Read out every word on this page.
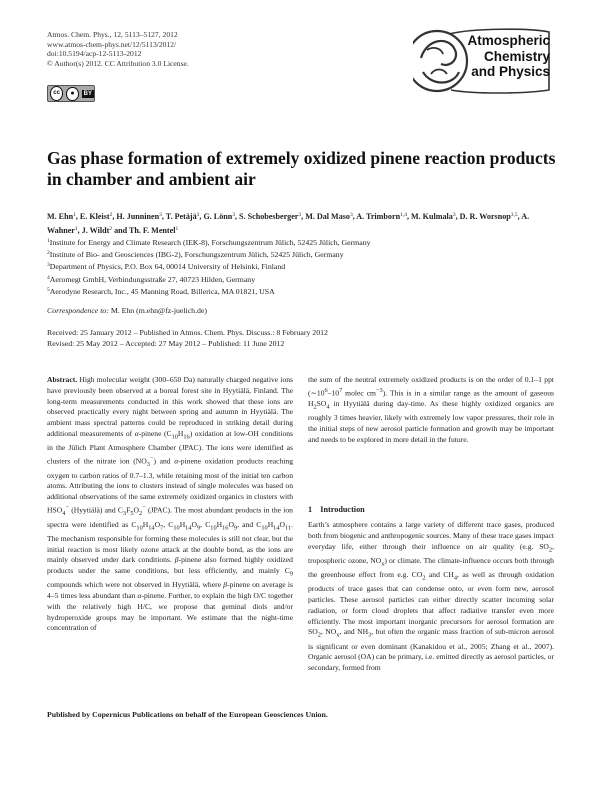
Atmos. Chem. Phys., 12, 5113–5127, 2012
www.atmos-chem-phys.net/12/5113/2012/
doi:10.5194/acp-12-5113-2012
© Author(s) 2012. CC Attribution 3.0 License.
cc	●	BY
Atmospheric
Chemistry
and Physics
Gas phase formation of extremely oxidized pinene reaction products in chamber and ambient air
M. Ehn$^1$, E. Kleist$^2$, H. Junninen$^3$, T. Petäjä$^3$, G. Lönn$^3$, S. Schobesberger$^3$, M. Dal Maso$^3$, A. Trimborn$^{1,4}$, M. Kulmala$^3$, D. R. Worsnop$^{3,5}$, A. Wahner$^1$, J. Wildt$^2$ and Th. F. Mentel$^1$
$^1$Institute for Energy and Climate Research (IEK-8), Forschungszentrum Jülich, 52425 Jülich, Germany
$^2$Institute of Bio- and Geosciences (IBG-2), Forschungszentrum Jülich, 52425 Jülich, Germany
$^3$Department of Physics, P.O. Box 64, 00014 University of Helsinki, Finland
$^4$Aeromegt GmbH, Verbindungsstraße 27, 40723 Hilden, Germany
$^5$Aerodyne Research, Inc., 45 Manning Road, Billerica, MA 01821, USA
Correspondence to: M. Ehn (m.ehn@fz-juelich.de)
Received: 25 January 2012 – Published in Atmos. Chem. Phys. Discuss.: 8 February 2012
Revised: 25 May 2012 – Accepted: 27 May 2012 – Published: 11 June 2012

Abstract. High molecular weight (300–650 Da) naturally charged negative ions have previously been observed at a boreal forest site in Hyytiälä, Finland. The long-term measurements conducted in this work showed that these ions are observed practically every night between spring and autumn in Hyytiälä. The ambient mass spectral patterns could be reproduced in striking detail during additional measurements of α-pinene $(C_{10}H_{16})$ oxidation at low-OH conditions in the Jülich Plant Atmosphere Chamber (JPAC). The ions were identified as clusters of the nitrate ion $(NO_3^-)$ and α-pinene oxidation products reaching oxygen to carbon ratios of 0.7–1.3, while retaining most of the initial ten carbon atoms. Attributing the ions to clusters instead of single molecules was based on additional observations of the same extremely oxidized organics in clusters with $HSO_4^-$ (Hyytiälä) and $C_3F_5O_2^-$ (JPAC). The most abundant products in the ion spectra were identified as $C_{10}H_{14}O_7$, $C_{10}H_{14}O_9$, $C_{10}H_{16}O_9$, and $C_{10}H_{14}O_{11}$. The mechanism responsible for forming these molecules is still not clear, but the initial reaction is most likely ozone attack at the double bond, as the ions are mainly observed under dark conditions. β-pinene also formed highly oxidized products under the same conditions, but less efficiently, and mainly $C_9$ compounds which were not observed in Hyytiälä, where β-pinene on average is 4–5 times less abundant than α-pinene. Further, to explain the high O/C together with the relatively high H/C, we propose that geminal diols and/or hydroperoxide groups may be important. We estimate that the night-time concentration of

the sum of the neutral extremely oxidized products is on the order of 0.1–1 ppt ($\sim 10^6-10^7$ molec $cm^{-3}$). This is in a similar range as the amount of gaseous $H_2SO_4$ in Hyytiälä during day-time. As these highly oxidized organics are roughly 3 times heavier, likely with extremely low vapor pressures, their role in the initial steps of new aerosol particle formation and growth may be important and needs to be explored in more detail in the future.

1    Introduction

Earth’s atmosphere contains a large variety of different trace gases, produced both from biogenic and anthropogenic sources. Many of these trace gases impact everyday life, either through their influence on air quality (e.g. $SO_2$, tropospheric ozone, $NO_x$) or climate. The climate-influence occurs both through the greenhouse effect from e.g. $CO_2$ and $CH_4$, as well as through oxidation products of trace gases that can condense onto, or even form new, aerosol particles. These aerosol particles can either directly scatter incoming solar radiation, or form cloud droplets that affect radiative transfer even more efficiently. The most important inorganic precursors for aerosol formation are $SO_2$, $NO_x$, and $NH_3$, but often the organic mass fraction of sub-micron aerosol is significant or even dominant (Kanakidou et al., 2005; Zhang et al., 2007). Organic aerosol (OA) can be primary, i.e. emitted directly as aerosol particles, or secondary, formed from

Published by Copernicus Publications on behalf of the European Geosciences Union.
